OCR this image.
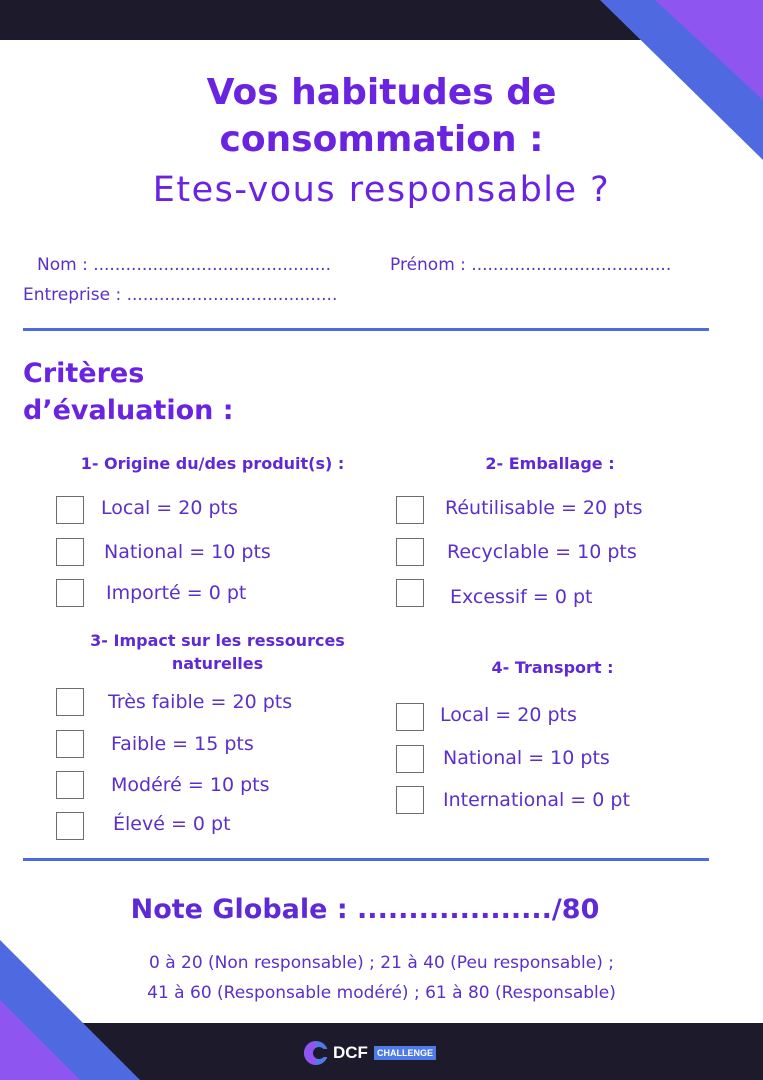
Vos habitudes de
consommation :
Etes-vous responsable ?
Nom : ............................................	Prénom : .....................................
Entreprise : .......................................
Critères
d’évaluation :
1- Origine du/des produit(s) :
Local = 20 pts
National = 10 pts
Importé = 0 pt
2- Emballage :
Réutilisable = 20 pts
Recyclable = 10 pts
Excessif = 0 pt
3- Impact sur les ressources
naturelles
Très faible = 20 pts
Faible = 15 pts
Modéré = 10 pts
Élevé = 0 pt
4- Transport :
Local = 20 pts
National = 10 pts
International = 0 pt
Note Globale : .................../80
0 à 20 (Non responsable) ; 21 à 40 (Peu responsable) ;
41 à 60 (Responsable modéré) ; 61 à 80 (Responsable)
DCF	CHALLENGE
